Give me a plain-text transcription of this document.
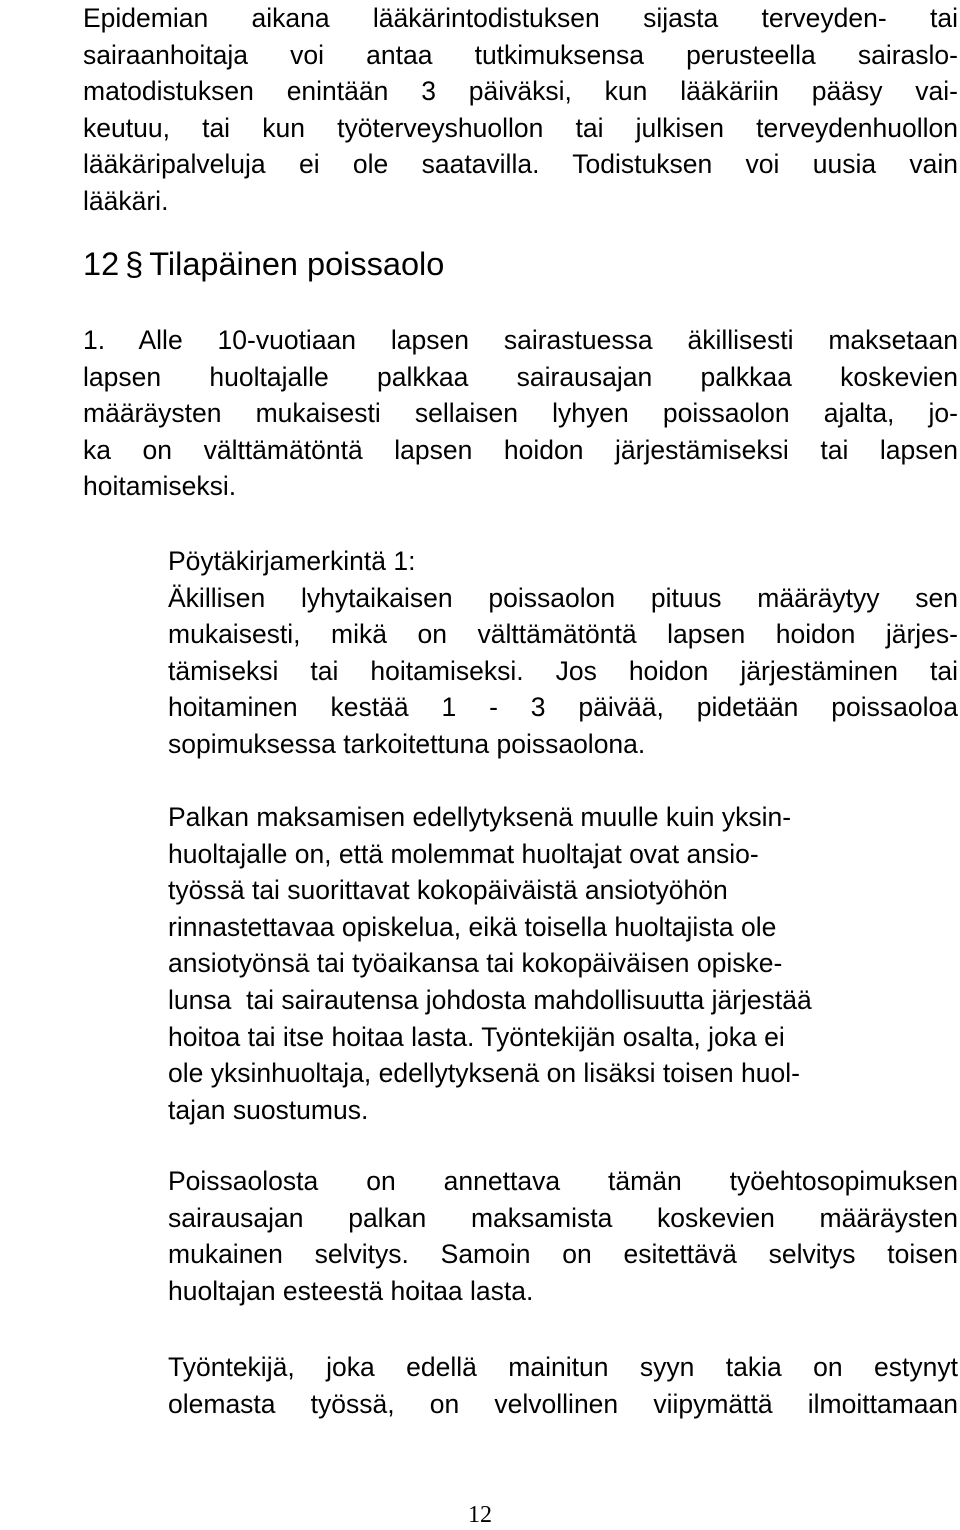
Epidemian aikana lääkärintodistuksen sijasta terveyden- tai
sairaanhoitaja voi antaa tutkimuksensa perusteella sairaslo-
matodistuksen enintään 3 päiväksi, kun lääkäriin pääsy vai-
keutuu, tai kun työterveyshuollon tai julkisen terveydenhuollon
lääkäripalveluja ei ole saatavilla. Todistuksen voi uusia vain
lääkäri.
12 § Tilapäinen poissaolo
1. Alle 10-vuotiaan lapsen sairastuessa äkillisesti maksetaan
lapsen huoltajalle palkkaa sairausajan palkkaa koskevien
määräysten mukaisesti sellaisen lyhyen poissaolon ajalta, jo-
ka on välttämätöntä lapsen hoidon järjestämiseksi tai lapsen
hoitamiseksi.
Pöytäkirjamerkintä 1:
Äkillisen lyhytaikaisen poissaolon pituus määräytyy sen
mukaisesti, mikä on välttämätöntä lapsen hoidon järjes-
tämiseksi tai hoitamiseksi. Jos hoidon järjestäminen tai
hoitaminen kestää 1 - 3 päivää, pidetään poissaoloa
sopimuksessa tarkoitettuna poissaolona.
Palkan maksamisen edellytyksenä muulle kuin yksin-
huoltajalle on, että molemmat huoltajat ovat ansio-
työssä tai suorittavat kokopäiväistä ansiotyöhön
rinnastettavaa opiskelua, eikä toisella huoltajista ole
ansiotyönsä tai työaikansa tai kokopäiväisen opiske-
lunsa  tai sairautensa johdosta mahdollisuutta järjestää
hoitoa tai itse hoitaa lasta. Työntekijän osalta, joka ei
ole yksinhuoltaja, edellytyksenä on lisäksi toisen huol-
tajan suostumus.
Poissaolosta on annettava tämän työehtosopimuksen
sairausajan palkan maksamista koskevien määräysten
mukainen selvitys. Samoin on esitettävä selvitys toisen
huoltajan esteestä hoitaa lasta.
Työntekijä, joka edellä mainitun syyn takia on estynyt
olemasta työssä, on velvollinen viipymättä ilmoittamaan
12
